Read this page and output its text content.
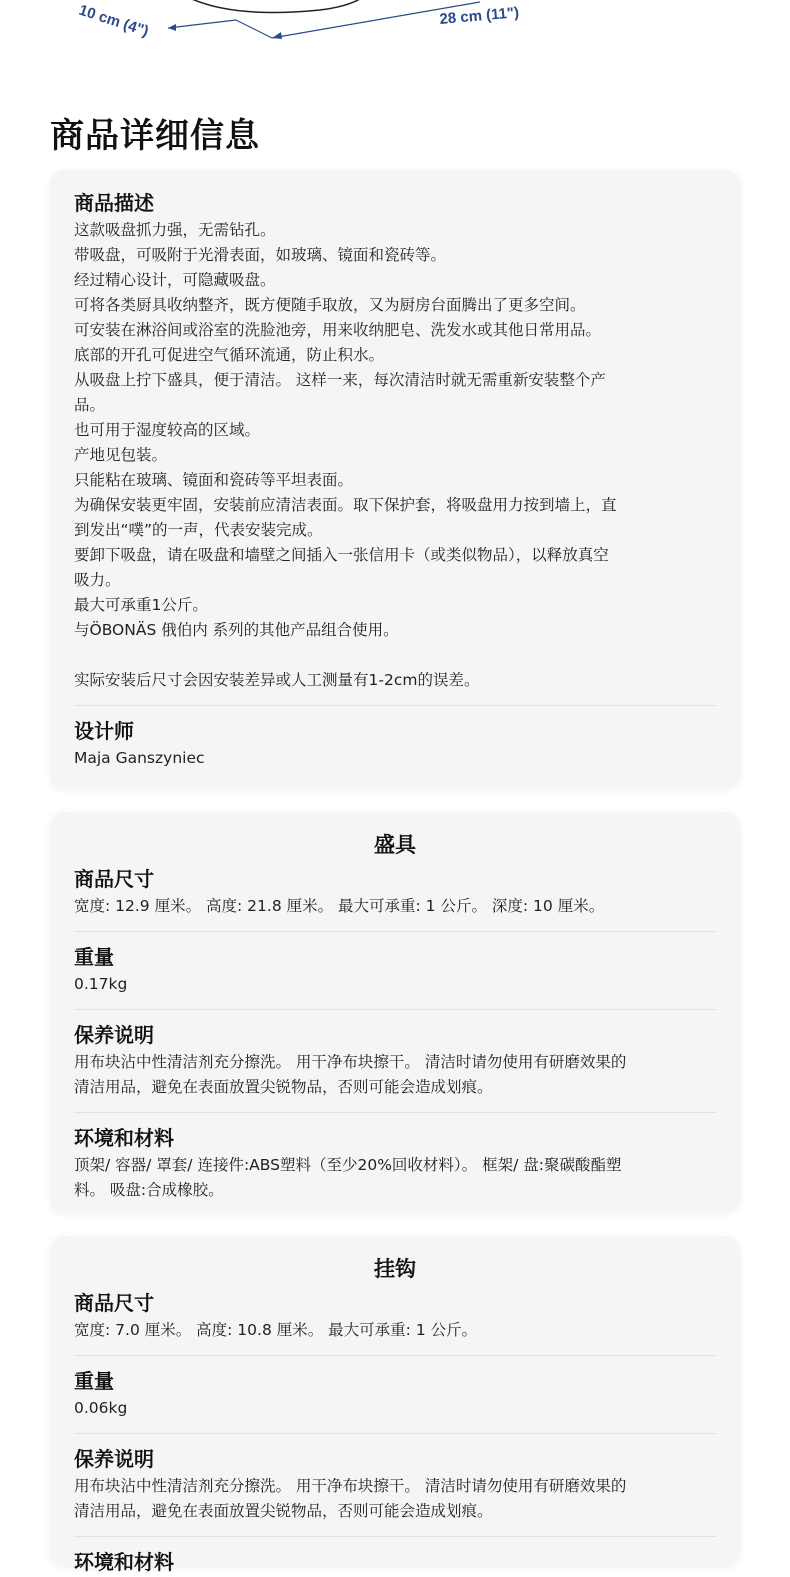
10 cm (4")	28 cm (11")
商品详细信息
商品描述
这款吸盘抓力强，无需钻孔。
带吸盘，可吸附于光滑表面，如玻璃、镜面和瓷砖等。
经过精心设计，可隐藏吸盘。
可将各类厨具收纳整齐，既方便随手取放，又为厨房台面腾出了更多空间。
可安装在淋浴间或浴室的洗脸池旁，用来收纳肥皂、洗发水或其他日常用品。
底部的开孔可促进空气循环流通，防止积水。
从吸盘上拧下盛具，便于清洁。 这样一来，每次清洁时就无需重新安装整个产
品。
也可用于湿度较高的区域。
产地见包装。
只能粘在玻璃、镜面和瓷砖等平坦表面。
为确保安装更牢固，安装前应清洁表面。取下保护套，将吸盘用力按到墙上，直
到发出“噗”的一声，代表安装完成。
要卸下吸盘，请在吸盘和墙壁之间插入一张信用卡（或类似物品），以释放真空
吸力。
最大可承重1公斤。
与ÖBONÄS 俄伯内 系列的其他产品组合使用。
实际安装后尺寸会因安装差异或人工测量有1-2cm的误差。
设计师
Maja Ganszyniec
盛具
商品尺寸
宽度: 12.9 厘米。 高度: 21.8 厘米。 最大可承重: 1 公斤。 深度: 10 厘米。
重量
0.17kg
保养说明
用布块沾中性清洁剂充分擦洗。 用干净布块擦干。 清洁时请勿使用有研磨效果的
清洁用品，避免在表面放置尖锐物品，否则可能会造成划痕。
环境和材料
顶架/ 容器/ 罩套/ 连接件:ABS塑料（至少20%回收材料）。 框架/ 盘:聚碳酸酯塑
料。 吸盘:合成橡胶。
挂钩
商品尺寸
宽度: 7.0 厘米。 高度: 10.8 厘米。 最大可承重: 1 公斤。
重量
0.06kg
保养说明
用布块沾中性清洁剂充分擦洗。 用干净布块擦干。 清洁时请勿使用有研磨效果的
清洁用品，避免在表面放置尖锐物品，否则可能会造成划痕。
环境和材料
